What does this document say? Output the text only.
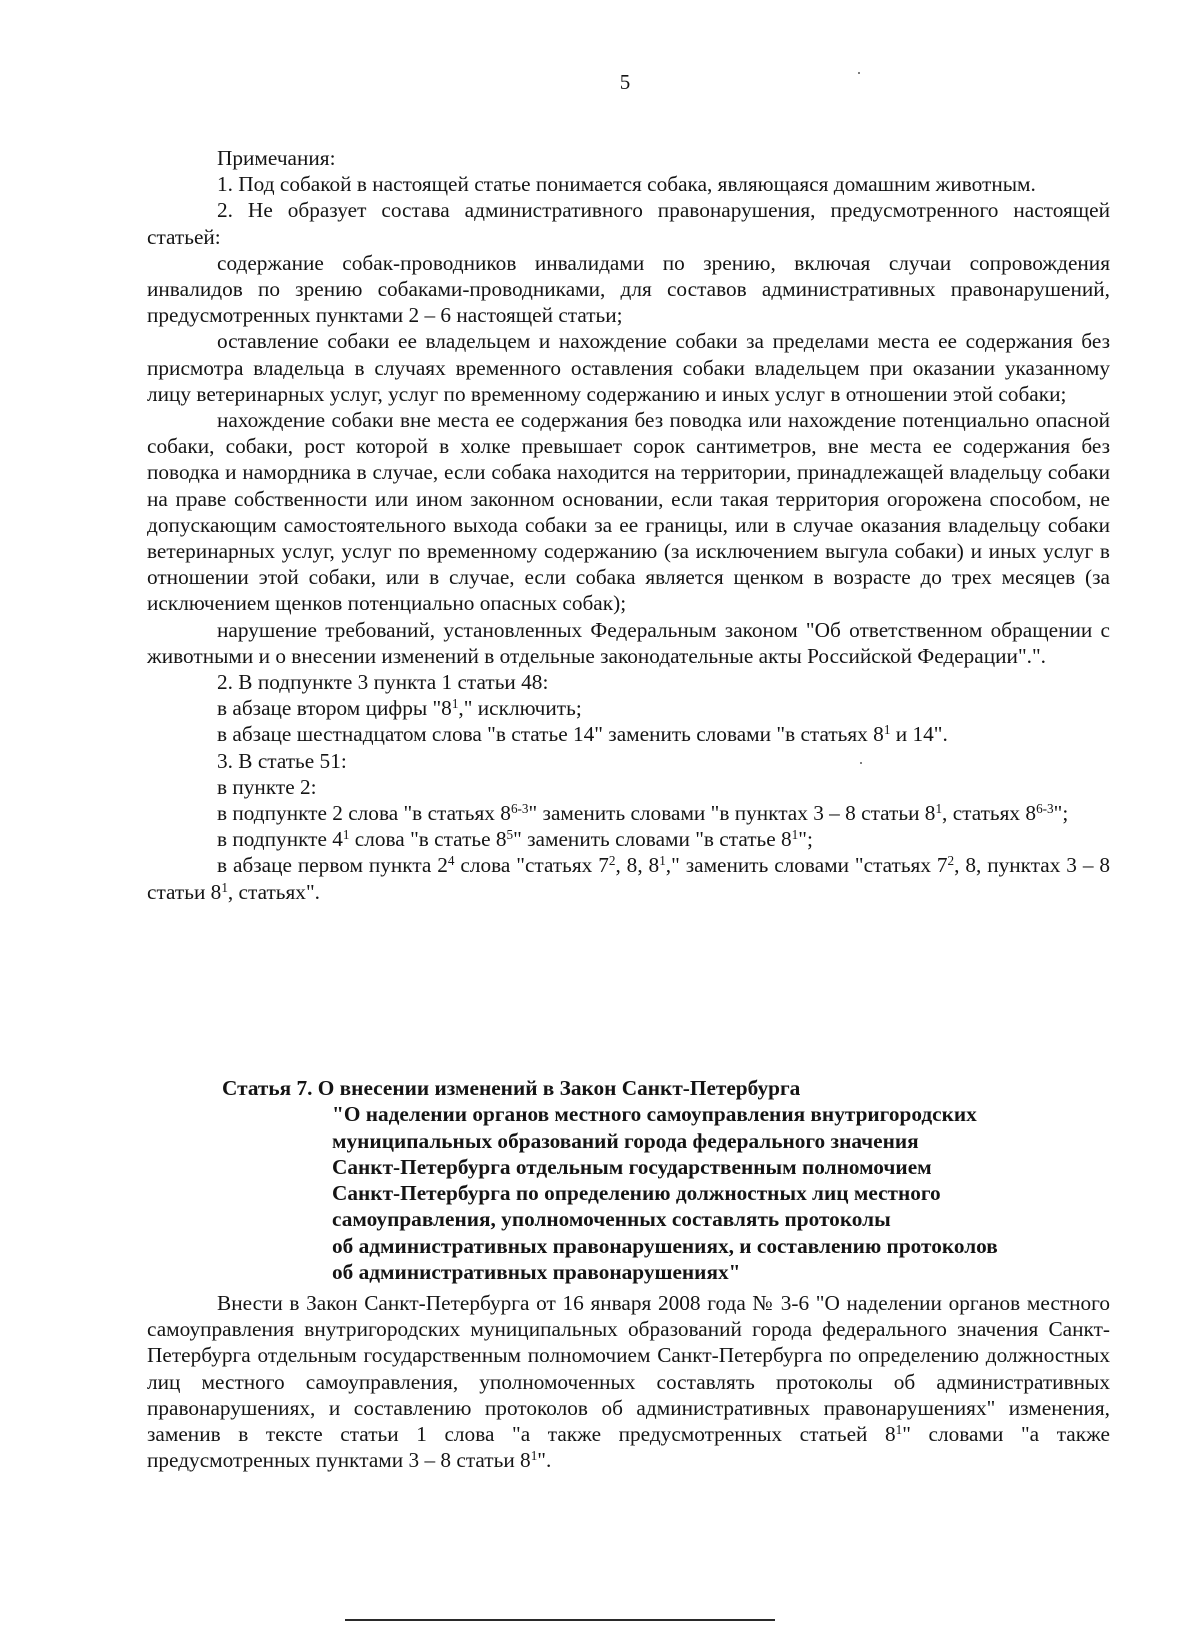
5

Примечания:

1. Под собакой в настоящей статье понимается собака, являющаяся домашним животным.

2. Не образует состава административного правонарушения, предусмотренного настоящей статьей:

содержание собак-проводников инвалидами по зрению, включая случаи сопровождения инвалидов по зрению собаками-проводниками, для составов административных правонарушений, предусмотренных пунктами 2 – 6 настоящей статьи;

оставление собаки ее владельцем и нахождение собаки за пределами места ее содержания без присмотра владельца в случаях временного оставления собаки владельцем при оказании указанному лицу ветеринарных услуг, услуг по временному содержанию и иных услуг в отношении этой собаки;

нахождение собаки вне места ее содержания без поводка или нахождение потенциально опасной собаки, собаки, рост которой в холке превышает сорок сантиметров, вне места ее содержания без поводка и намордника в случае, если собака находится на территории, принадлежащей владельцу собаки на праве собственности или ином законном основании, если такая территория огорожена способом, не допускающим самостоятельного выхода собаки за ее границы, или в случае оказания владельцу собаки ветеринарных услуг, услуг по временному содержанию (за исключением выгула собаки) и иных услуг в отношении этой собаки, или в случае, если собака является щенком в возрасте до трех месяцев (за исключением щенков потенциально опасных собак);

нарушение требований, установленных Федеральным законом "Об ответственном обращении с животными и о внесении изменений в отдельные законодательные акты Российской Федерации".".

2. В подпункте 3 пункта 1 статьи 48:

в абзаце втором цифры "$8^1$," исключить;

в абзаце шестнадцатом слова "в статье 14" заменить словами "в статьях $8^1$ и 14".

3. В статье 51:

в пункте 2:

в подпункте 2 слова "в статьях 8$^{6-3}$" заменить словами "в пунктах 3 – 8 статьи $8^1$, статьях 8$^{6-3}$";

в подпункте $4^1$ слова "в статье $8^5$" заменить словами "в статье $8^1$";

в абзаце первом пункта $2^4$ слова "статьях $7^2$, 8, $8^1$," заменить словами "статьях $7^2$, 8, пунктах 3 – 8 статьи $8^1$, статьях".

Статья 7. О внесении изменений в Закон Санкт-Петербурга
"О наделении органов местного самоуправления внутригородских
муниципальных образований города федерального значения
Санкт-Петербурга отдельным государственным полномочием
Санкт-Петербурга по определению должностных лиц местного
самоуправления, уполномоченных составлять протоколы
об административных правонарушениях, и составлению протоколов
об административных правонарушениях"

Внести в Закон Санкт-Петербурга от 16 января 2008 года № 3-6 "О наделении органов местного самоуправления внутригородских муниципальных образований города федерального значения Санкт-Петербурга отдельным государственным полномочием Санкт-Петербурга по определению должностных лиц местного самоуправления, уполномоченных составлять протоколы об административных правонарушениях, и составлению протоколов об административных правонарушениях" изменения, заменив в тексте статьи 1 слова "а также предусмотренных статьей $8^1$" словами "а также предусмотренных пунктами 3 – 8 статьи $8^1$".
